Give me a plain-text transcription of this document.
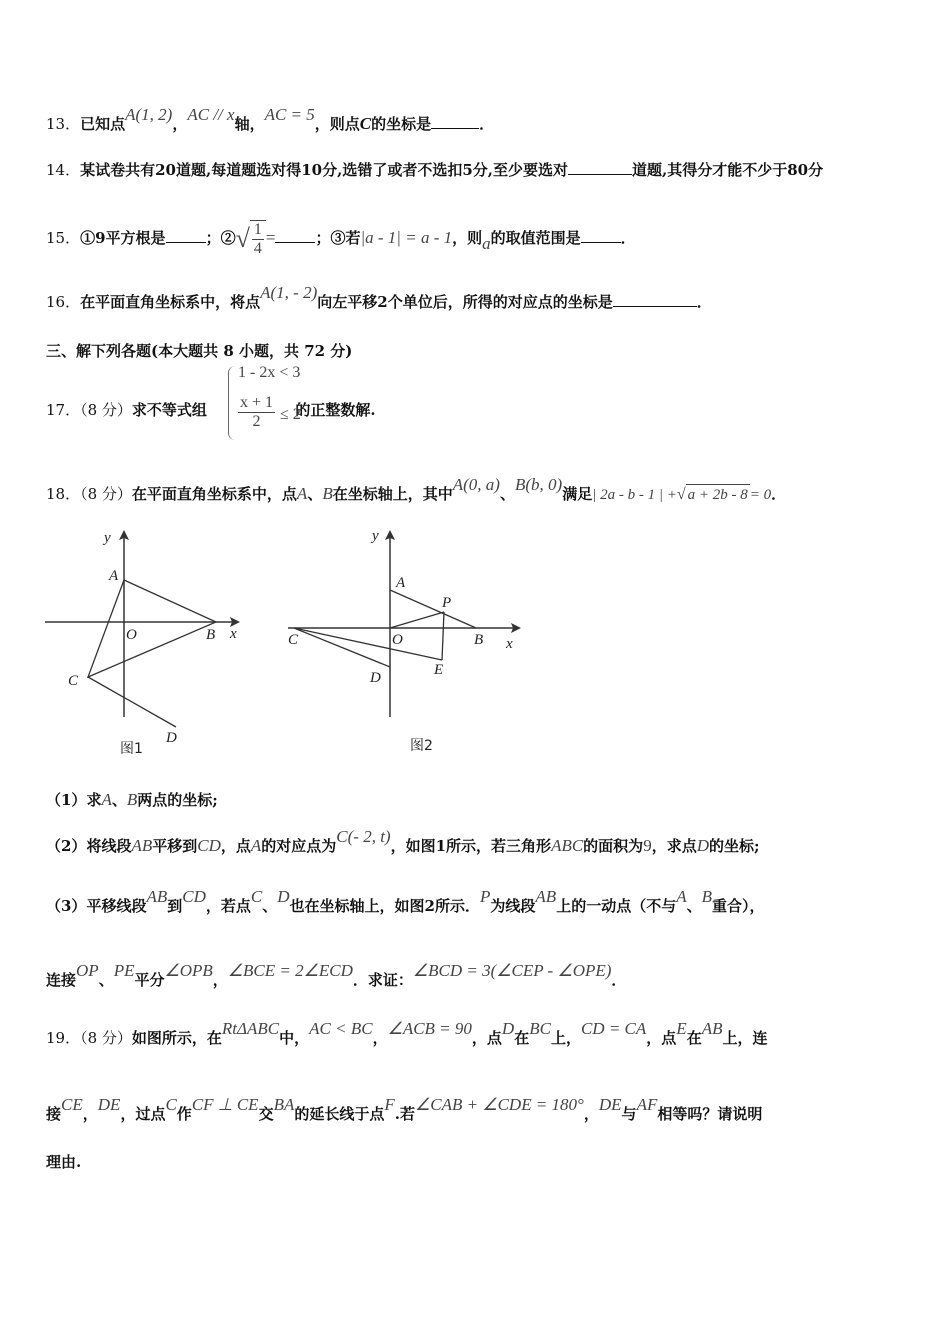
13．已知点A(1, 2)，AC // x轴，AC = 5，则点C的坐标是	．
14．某试卷共有20道题,每道题选对得10分,选错了或者不选扣5分,至少要选对	道题,其得分才能不少于80分
15．①9平方根是	；②√ $\frac{1}{4}$ =	；③若|a - 1| = a - 1，则a的取值范围是	．
16．在平面直角坐标系中，将点A(1, - 2)向左平移2个单位后，所得的对应点的坐标是	．
三、解下列各题(本大题共 8 小题，共 72 分)
17．（8 分）求不等式组	的正整数解.
1 - 2x < 3
$\frac{x + 1}{2} \le 2$
18．（8 分）在平面直角坐标系中，点A、B在坐标轴上，其中A(0, a)、B(b, 0)满足| 2a - b - 1 | +√ a + 2b - 8 = 0．
y
A
O	B x
C
D
图1
y
A
P
C	O	B x
E
D
图2
（1）求A、B两点的坐标;
（2）将线段AB平移到CD，点A的对应点为C(- 2, t)，如图1所示，若三角形ABC的面积为9，求点D的坐标;
（3）平移线段AB到CD，若点C、D也在坐标轴上，如图2所示．P为线段AB上的一动点（不与A、B重合），
连接OP、PE平分∠OPB，∠BCE = 2∠ECD．求证：∠BCD = 3(∠CEP - ∠OPE)．
19．（8 分）如图所示，在RtΔABC中，AC < BC，∠ACB = 90，点D在BC上，CD = CA，点E在AB上，连
接CE，DE，过点C作CF ⊥ CE交BA的延长线于点F.若∠CAB + ∠CDE = 180°，DE与AF相等吗？请说明
理由.
